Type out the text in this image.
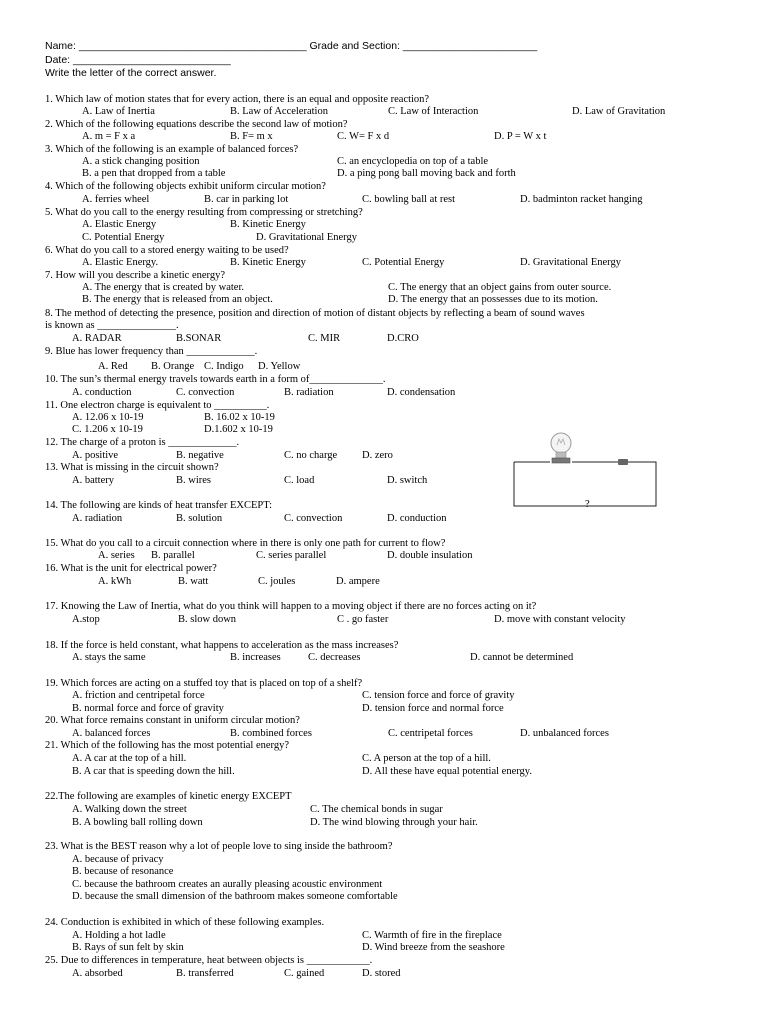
Name: _______________________________________ Grade and Section: _______________________
Date: ___________________________
Write the letter of the correct answer.
1. Which law of motion states that for every action, there is an equal and opposite reaction?
A. Law of Inertia	B. Law of Acceleration	C. Law of Interaction	D. Law of Gravitation
2. Which of the following equations describe the second law of motion?
A. m = F x a	B. F= m x	C. W= F x d	D. P = W x t
3. Which of the following is an example of balanced forces?
A. a stick changing position	C. an encyclopedia on top of a table
B. a pen that dropped from a table	D. a ping pong ball moving back and forth
4. Which of the following objects exhibit uniform circular motion?
A. ferries wheel	B. car in parking lot	C. bowling ball at rest	D. badminton racket hanging
5. What do you call to the energy resulting from compressing or stretching?
A. Elastic Energy	B. Kinetic Energy
C. Potential Energy	D. Gravitational Energy
6. What do you call to a stored energy waiting to be used?
A. Elastic Energy.	B. Kinetic Energy	C. Potential Energy	D. Gravitational Energy
7. How will you describe a kinetic energy?
A. The energy that is created by water.	C. The energy that an object gains from outer source.
B. The energy that is released from an object.	D. The energy that an possesses due to its motion.
8. The method of detecting the presence, position and direction of motion of distant objects by reflecting a beam of sound waves
is known as _______________.
A. RADAR	B.SONAR	C. MIR	D.CRO
9. Blue has lower frequency than _____________.
A. Red B. Orange C. Indigo D. Yellow
10. The sun’s thermal energy travels towards earth in a form of______________.
A. conduction	C. convection	B. radiation	D. condensation
11. One electron charge is equivalent to __________.
A. 12.06 x 10-19	B. 16.02 x 10-19
C. 1.206 x 10-19	D.1.602 x 10-19
12. The charge of a proton is _____________.
A. positive	B. negative	C. no charge D. zero
13. What is missing in the circuit shown?
A. battery	B. wires	C. load	D. switch
?
14. The following are kinds of heat transfer EXCEPT:
A. radiation	B. solution	C. convection	D. conduction
15. What do you call to a circuit connection where in there is only one path for current to flow?
A. series B. parallel	C. series parallel	D. double insulation
16. What is the unit for electrical power?
A. kWh	B. watt	C. joules	D. ampere
17. Knowing the Law of Inertia, what do you think will happen to a moving object if there are no forces acting on it?
A.stop	B. slow down	C . go faster	D. move with constant velocity
18. If the force is held constant, what happens to acceleration as the mass increases?
A. stays the same	B. increases	C. decreases	D. cannot be determined
19. Which forces are acting on a stuffed toy that is placed on top of a shelf?
A. friction and centripetal force	C. tension force and force of gravity
B. normal force and force of gravity	D. tension force and normal force
20. What force remains constant in uniform circular motion?
A. balanced forces	B. combined forces	C. centripetal forces	D. unbalanced forces
21. Which of the following has the most potential energy?
A. A car at the top of a hill.	C. A person at the top of a hill.
B. A car that is speeding down the hill.	D. All these have equal potential energy.
22.The following are examples of kinetic energy EXCEPT
A. Walking down the street	C. The chemical bonds in sugar
B. A bowling ball rolling down	D. The wind blowing through your hair.
23. What is the BEST reason why a lot of people love to sing inside the bathroom?
A. because of privacy
B. because of resonance
C. because the bathroom creates an aurally pleasing acoustic environment
D. because the small dimension of the bathroom makes someone comfortable
24. Conduction is exhibited in which of these following examples.
A. Holding a hot ladle	C. Warmth of fire in the fireplace
B. Rays of sun felt by skin	D. Wind breeze from the seashore
25. Due to differences in temperature, heat between objects is ____________.
A. absorbed	B. transferred	C. gained	D. stored
